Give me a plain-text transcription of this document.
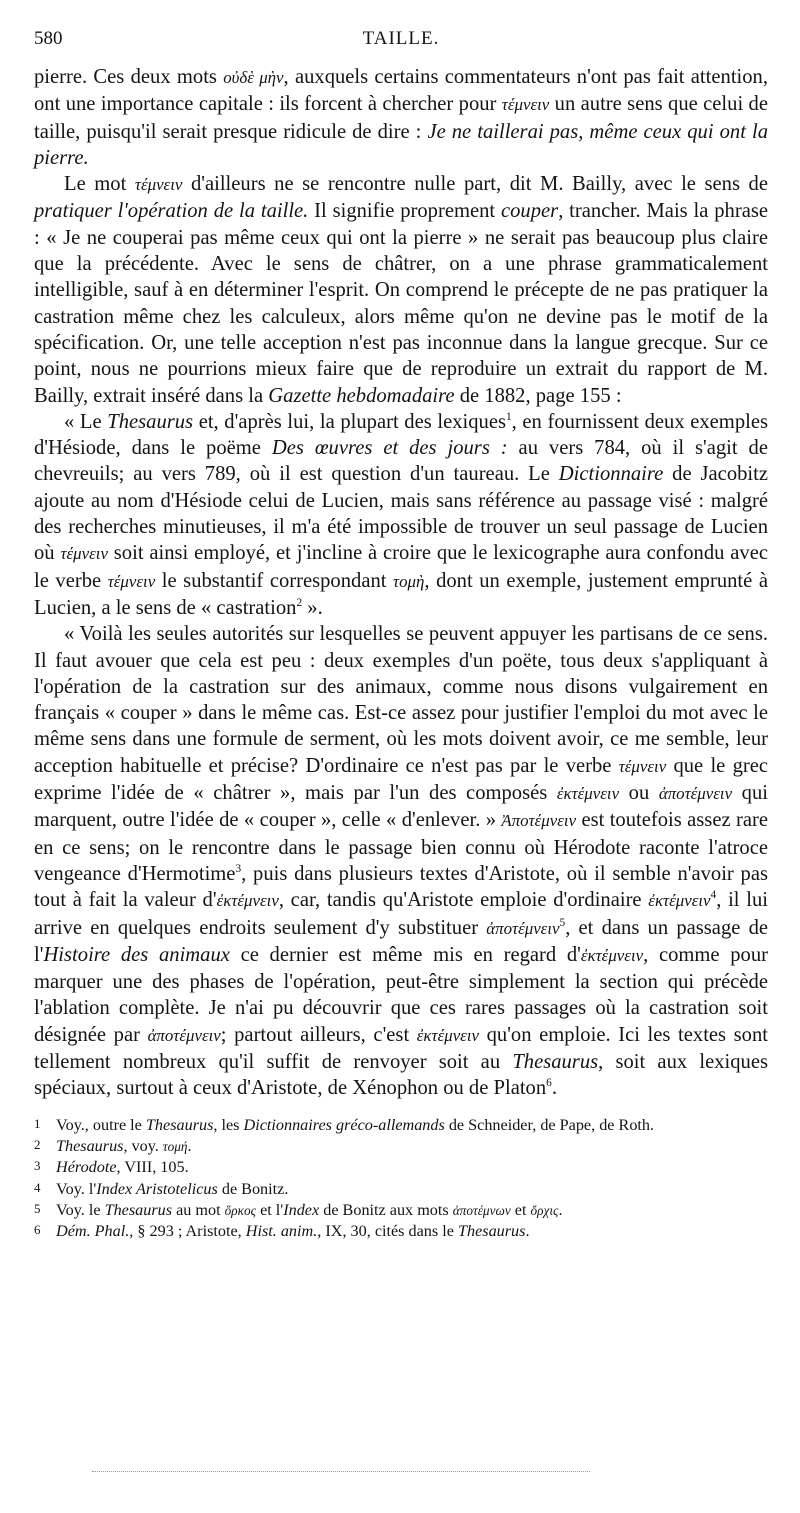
580	TAILLE.

pierre. Ces deux mots οὐδὲ μὴν, auxquels certains commentateurs n'ont pas fait attention, ont une importance capitale : ils forcent à chercher pour τέμνειν un autre sens que celui de taille, puisqu'il serait presque ridicule de dire : Je ne taillerai pas, même ceux qui ont la pierre.

Le mot τέμνειν d'ailleurs ne se rencontre nulle part, dit M. Bailly, avec le sens de pratiquer l'opération de la taille. Il signifie proprement couper, trancher. Mais la phrase : « Je ne couperai pas même ceux qui ont la pierre » ne serait pas beaucoup plus claire que la précédente. Avec le sens de châtrer, on a une phrase grammaticalement intelligible, sauf à en déterminer l'esprit. On comprend le précepte de ne pas pratiquer la castration même chez les calculeux, alors même qu'on ne devine pas le motif de la spécification. Or, une telle acception n'est pas inconnue dans la langue grecque. Sur ce point, nous ne pourrions mieux faire que de reproduire un extrait du rapport de M. Bailly, extrait inséré dans la Gazette hebdomadaire de 1882, page 155 :

« Le Thesaurus et, d'après lui, la plupart des lexiques$^1$, en fournissent deux exemples d'Hésiode, dans le poëme Des œuvres et des jours : au vers 784, où il s'agit de chevreuils; au vers 789, où il est question d'un taureau. Le Dictionnaire de Jacobitz ajoute au nom d'Hésiode celui de Lucien, mais sans référence au passage visé : malgré des recherches minutieuses, il m'a été impossible de trouver un seul passage de Lucien où τέμνειν soit ainsi employé, et j'incline à croire que le lexicographe aura confondu avec le verbe τέμνειν le substantif correspondant τομὴ, dont un exemple, justement emprunté à Lucien, a le sens de « castration$^2$ ».

« Voilà les seules autorités sur lesquelles se peuvent appuyer les partisans de ce sens. Il faut avouer que cela est peu : deux exemples d'un poëte, tous deux s'appliquant à l'opération de la castration sur des animaux, comme nous disons vulgairement en français « couper » dans le même cas. Est-ce assez pour justifier l'emploi du mot avec le même sens dans une formule de serment, où les mots doivent avoir, ce me semble, leur acception habituelle et précise? D'ordinaire ce n'est pas par le verbe τέμνειν que le grec exprime l'idée de « châtrer », mais par l'un des composés ἐκτέμνειν ou ἀποτέμνειν qui marquent, outre l'idée de « couper », celle « d'enlever. » Ἀποτέμνειν est toutefois assez rare en ce sens; on le rencontre dans le passage bien connu où Hérodote raconte l'atroce vengeance d'Hermotime$^3$, puis dans plusieurs textes d'Aristote, où il semble n'avoir pas tout à fait la valeur d'ἐκτέμνειν, car, tandis qu'Aristote emploie d'ordinaire ἐκτέμνειν$^4$, il lui arrive en quelques endroits seulement d'y substituer ἀποτέμνειν$^5$, et dans un passage de l'Histoire des animaux ce dernier est même mis en regard d'ἐκτέμνειν, comme pour marquer une des phases de l'opération, peut-être simplement la section qui précède l'ablation complète. Je n'ai pu découvrir que ces rares passages où la castration soit désignée par ἀποτέμνειν; partout ailleurs, c'est ἐκτέμνειν qu'on emploie. Ici les textes sont tellement nombreux qu'il suffit de renvoyer soit au Thesaurus, soit aux lexiques spéciaux, surtout à ceux d'Aristote, de Xénophon ou de Platon$^6$.

1 Voy., outre le Thesaurus, les Dictionnaires gréco-allemands de Schneider, de Pape, de Roth.
2 Thesaurus, voy. τομή.
3 Hérodote, VIII, 105.
4 Voy. l'Index Aristotelicus de Bonitz.
5 Voy. le Thesaurus au mot ὅρκος et l'Index de Bonitz aux mots ἀποτέμνων et ὄρχις.
6 Dém. Phal., § 293 ; Aristote, Hist. anim., IX, 30, cités dans le Thesaurus.
